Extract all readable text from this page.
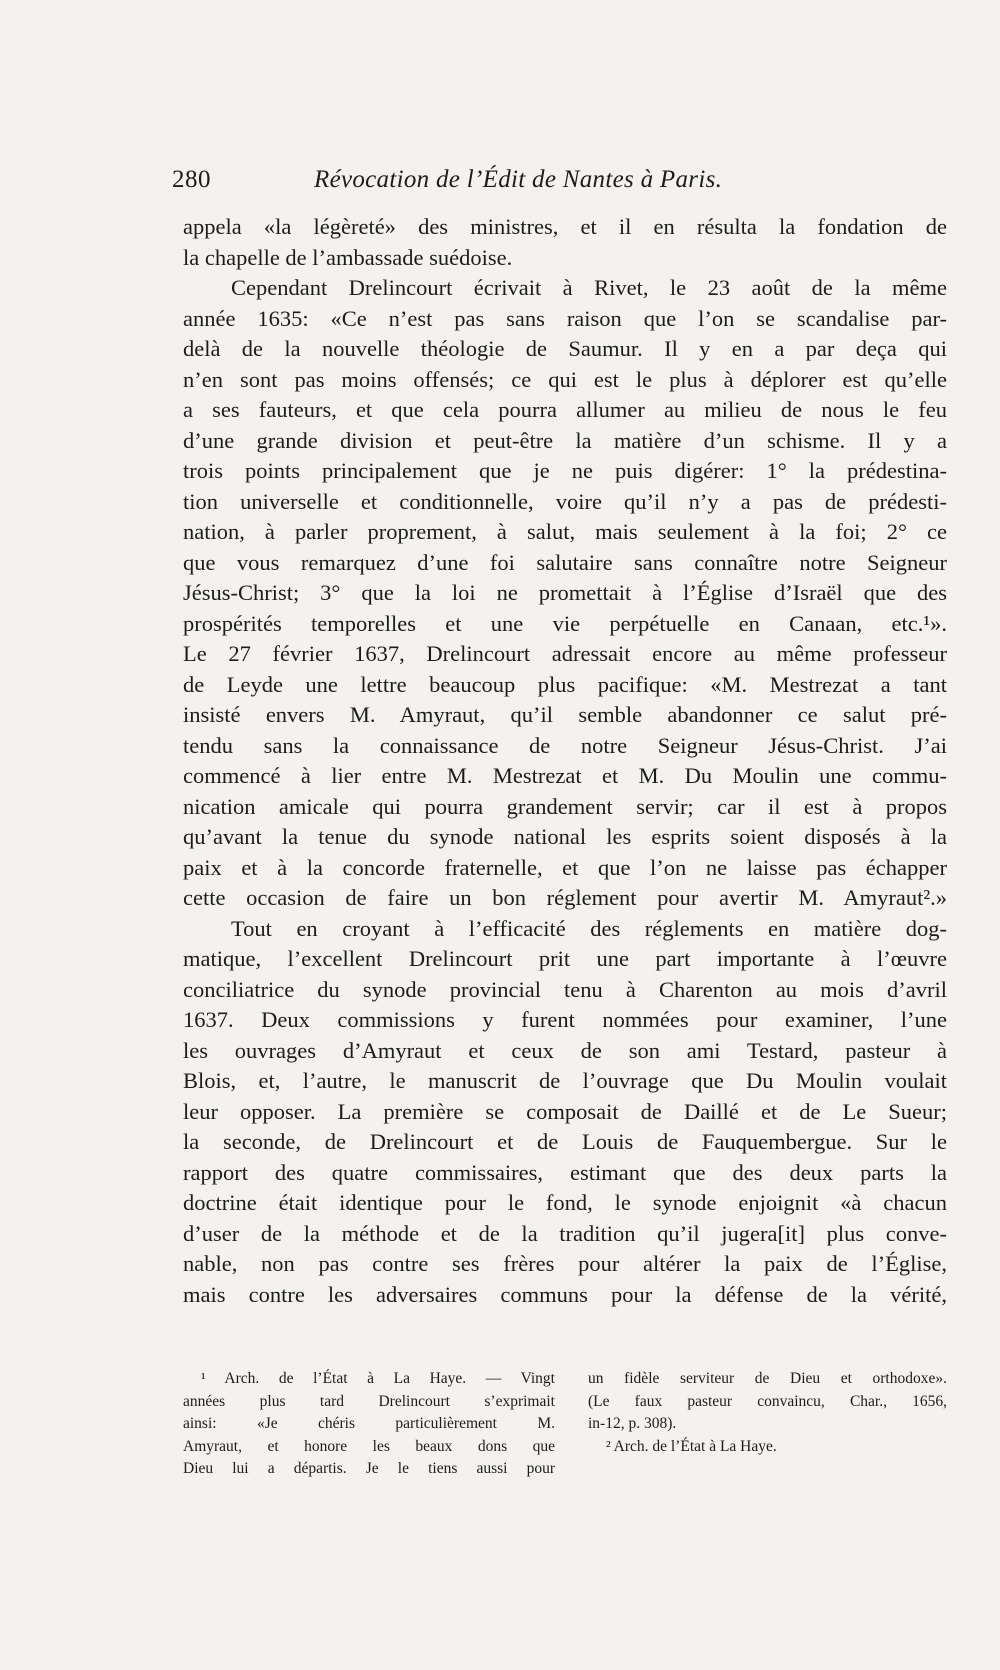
280	Révocation de l’Édit de Nantes à Paris.
appela «la légèreté» des ministres, et il en résulta la fondation de
la chapelle de l’ambassade suédoise.
Cependant Drelincourt écrivait à Rivet, le 23 août de la même
année 1635: «Ce n’est pas sans raison que l’on se scandalise par-
delà de la nouvelle théologie de Saumur. Il y en a par deça qui
n’en sont pas moins offensés; ce qui est le plus à déplorer est qu’elle
a ses fauteurs, et que cela pourra allumer au milieu de nous le feu
d’une grande division et peut-être la matière d’un schisme. Il y a
trois points principalement que je ne puis digérer: 1° la prédestina-
tion universelle et conditionnelle, voire qu’il n’y a pas de prédesti-
nation, à parler proprement, à salut, mais seulement à la foi; 2° ce
que vous remarquez d’une foi salutaire sans connaître notre Seigneur
Jésus-Christ; 3° que la loi ne promettait à l’Église d’Israël que des
prospérités temporelles et une vie perpétuelle en Canaan, etc.¹».
Le 27 février 1637, Drelincourt adressait encore au même professeur
de Leyde une lettre beaucoup plus pacifique: «M. Mestrezat a tant
insisté envers M. Amyraut, qu’il semble abandonner ce salut pré-
tendu sans la connaissance de notre Seigneur Jésus-Christ. J’ai
commencé à lier entre M. Mestrezat et M. Du Moulin une commu-
nication amicale qui pourra grandement servir; car il est à propos
qu’avant la tenue du synode national les esprits soient disposés à la
paix et à la concorde fraternelle, et que l’on ne laisse pas échapper
cette occasion de faire un bon réglement pour avertir M. Amyraut².»
Tout en croyant à l’efficacité des réglements en matière dog-
matique, l’excellent Drelincourt prit une part importante à l’œuvre
conciliatrice du synode provincial tenu à Charenton au mois d’avril
1637. Deux commissions y furent nommées pour examiner, l’une
les ouvrages d’Amyraut et ceux de son ami Testard, pasteur à
Blois, et, l’autre, le manuscrit de l’ouvrage que Du Moulin voulait
leur opposer. La première se composait de Daillé et de Le Sueur;
la seconde, de Drelincourt et de Louis de Fauquembergue. Sur le
rapport des quatre commissaires, estimant que des deux parts la
doctrine était identique pour le fond, le synode enjoignit «à chacun
d’user de la méthode et de la tradition qu’il jugera[it] plus conve-
nable, non pas contre ses frères pour altérer la paix de l’Église,
mais contre les adversaires communs pour la défense de la vérité,
¹ Arch. de l’État à La Haye. — Vingt
années plus tard Drelincourt s’exprimait
ainsi: «Je chéris particulièrement M.
Amyraut, et honore les beaux dons que
Dieu lui a départis. Je le tiens aussi pour
un fidèle serviteur de Dieu et orthodoxe».
(Le faux pasteur convaincu, Char., 1656,
in-12, p. 308).
² Arch. de l’État à La Haye.
